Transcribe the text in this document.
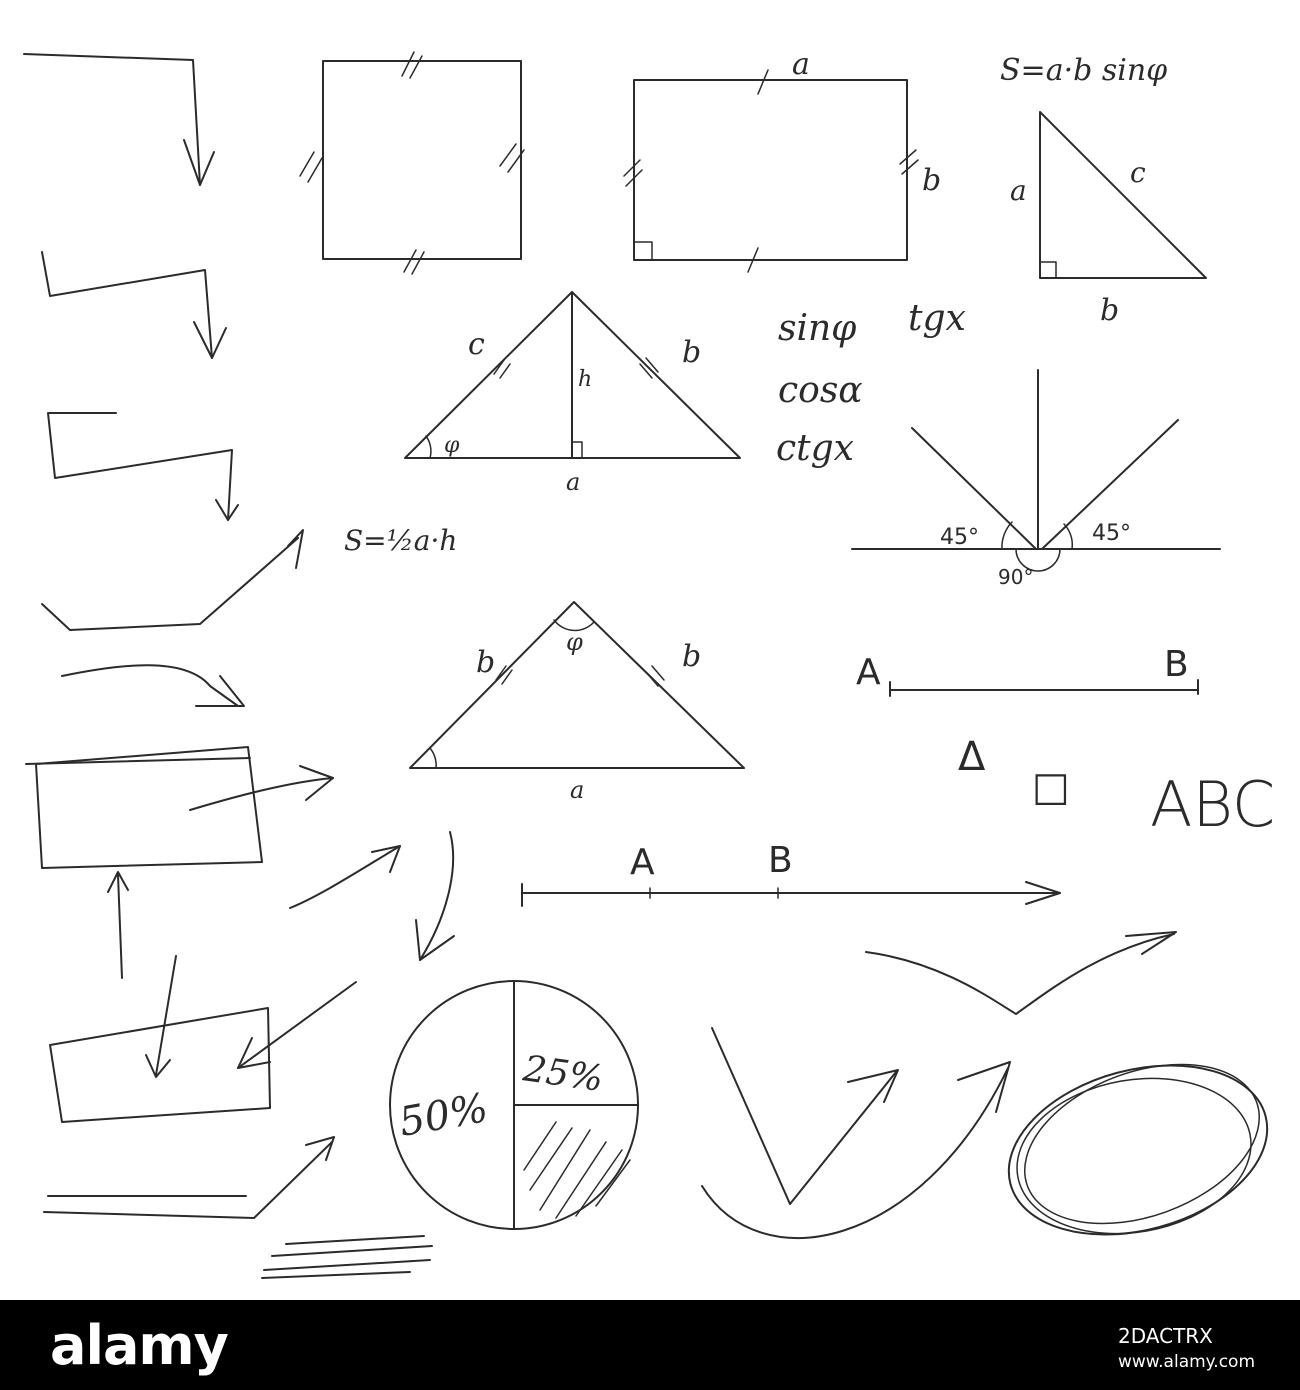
a
b
S=a·b sinφ
a
c
b
c	b
h
φ
a
S=½a·h
sinφ tgx
cosα
ctgx
45°	45°
90°
b	b
φ
a
A	B
Δ
□ ABC
A	B
50%
25%
alamy	2DACTRX
www.alamy.com
